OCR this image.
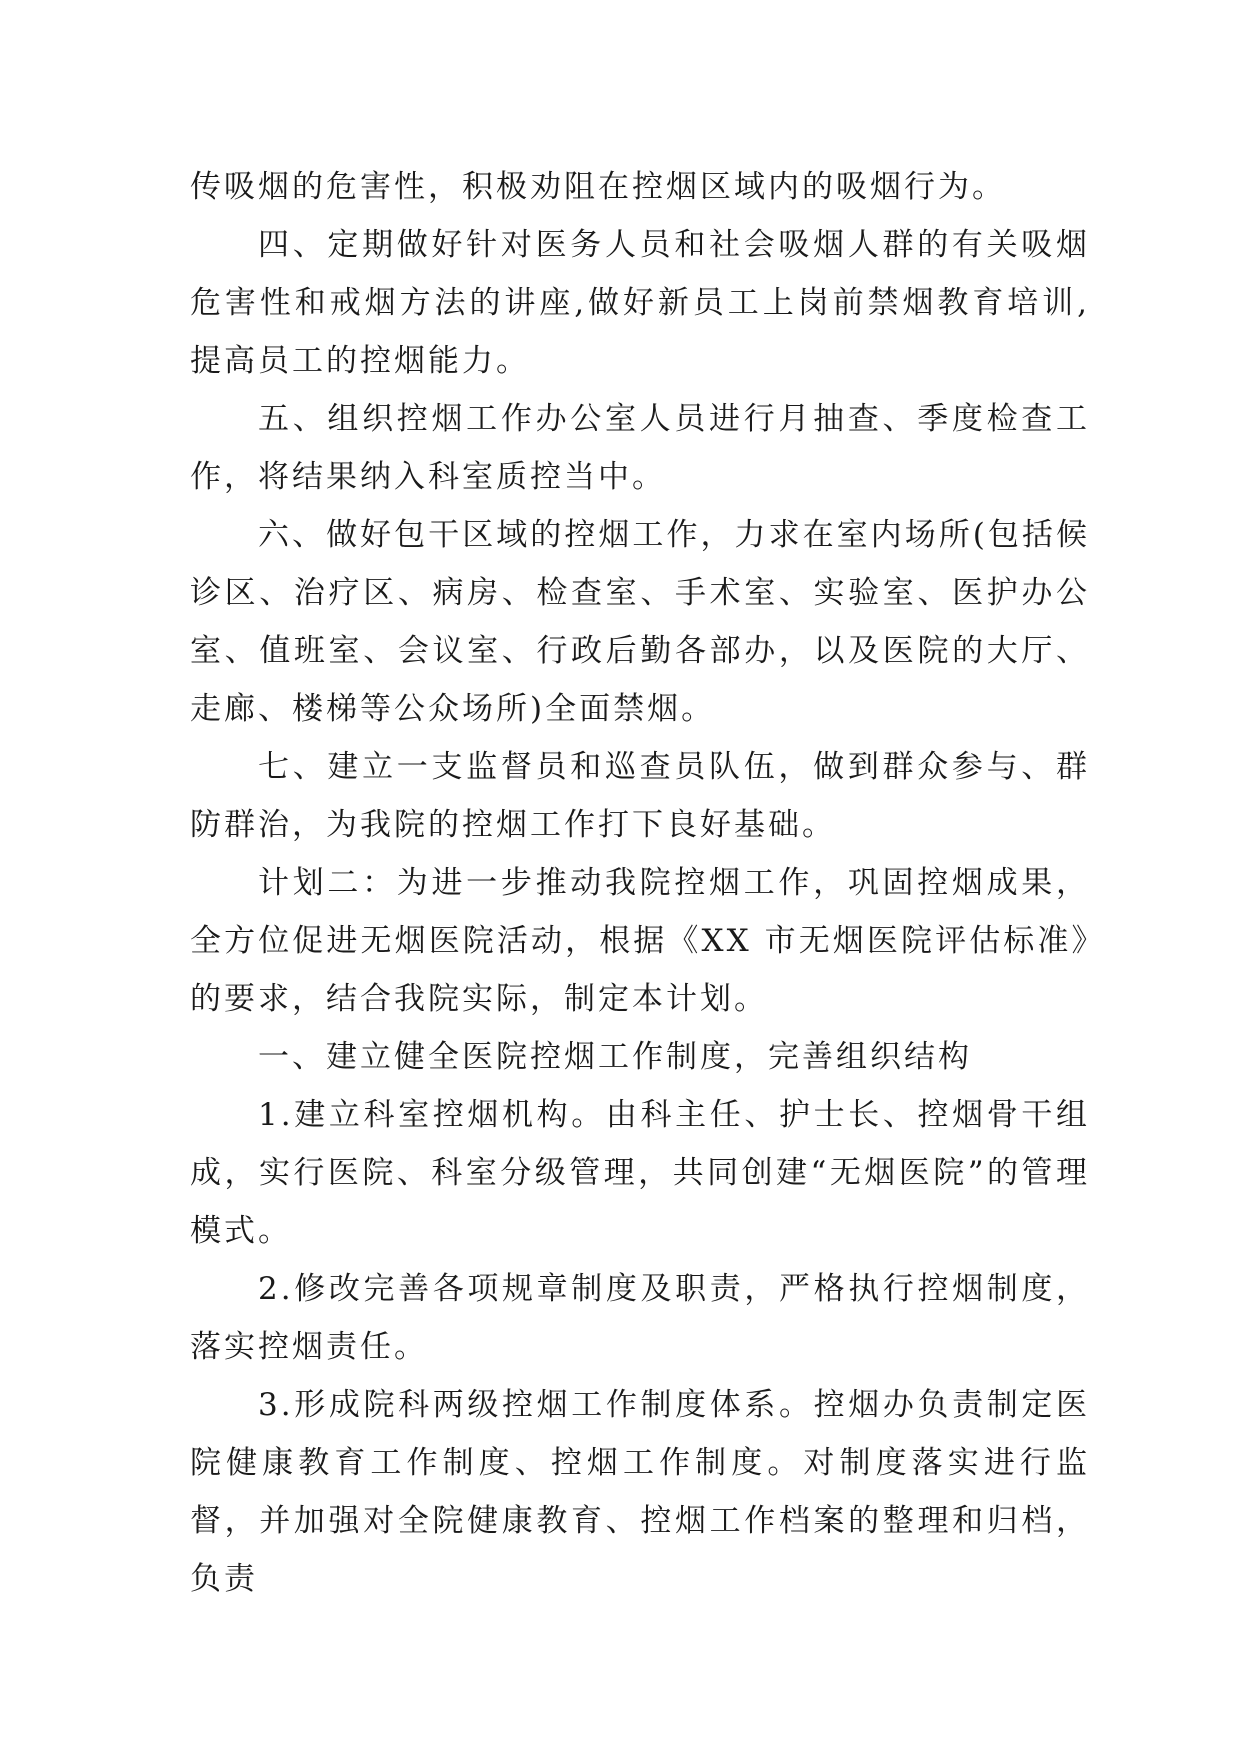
传吸烟的危害性，积极劝阻在控烟区域内的吸烟行为。

四、定期做好针对医务人员和社会吸烟人群的有关吸烟危害性和戒烟方法的讲座,做好新员工上岗前禁烟教育培训,提高员工的控烟能力。

五、组织控烟工作办公室人员进行月抽查、季度检查工作，将结果纳入科室质控当中。

六、做好包干区域的控烟工作，力求在室内场所(包括候诊区、治疗区、病房、检查室、手术室、实验室、医护办公室、值班室、会议室、行政后勤各部办，以及医院的大厅、走廊、楼梯等公众场所)全面禁烟。

七、建立一支监督员和巡查员队伍，做到群众参与、群防群治，为我院的控烟工作打下良好基础。

计划二：为进一步推动我院控烟工作，巩固控烟成果，全方位促进无烟医院活动，根据《XX 市无烟医院评估标准》的要求，结合我院实际，制定本计划。

一、建立健全医院控烟工作制度，完善组织结构

1.建立科室控烟机构。由科主任、护士长、控烟骨干组成，实行医院、科室分级管理，共同创建“无烟医院”的管理模式。

2.修改完善各项规章制度及职责，严格执行控烟制度，落实控烟责任。

3.形成院科两级控烟工作制度体系。控烟办负责制定医院健康教育工作制度、控烟工作制度。对制度落实进行监督，并加强对全院健康教育、控烟工作档案的整理和归档，负责
